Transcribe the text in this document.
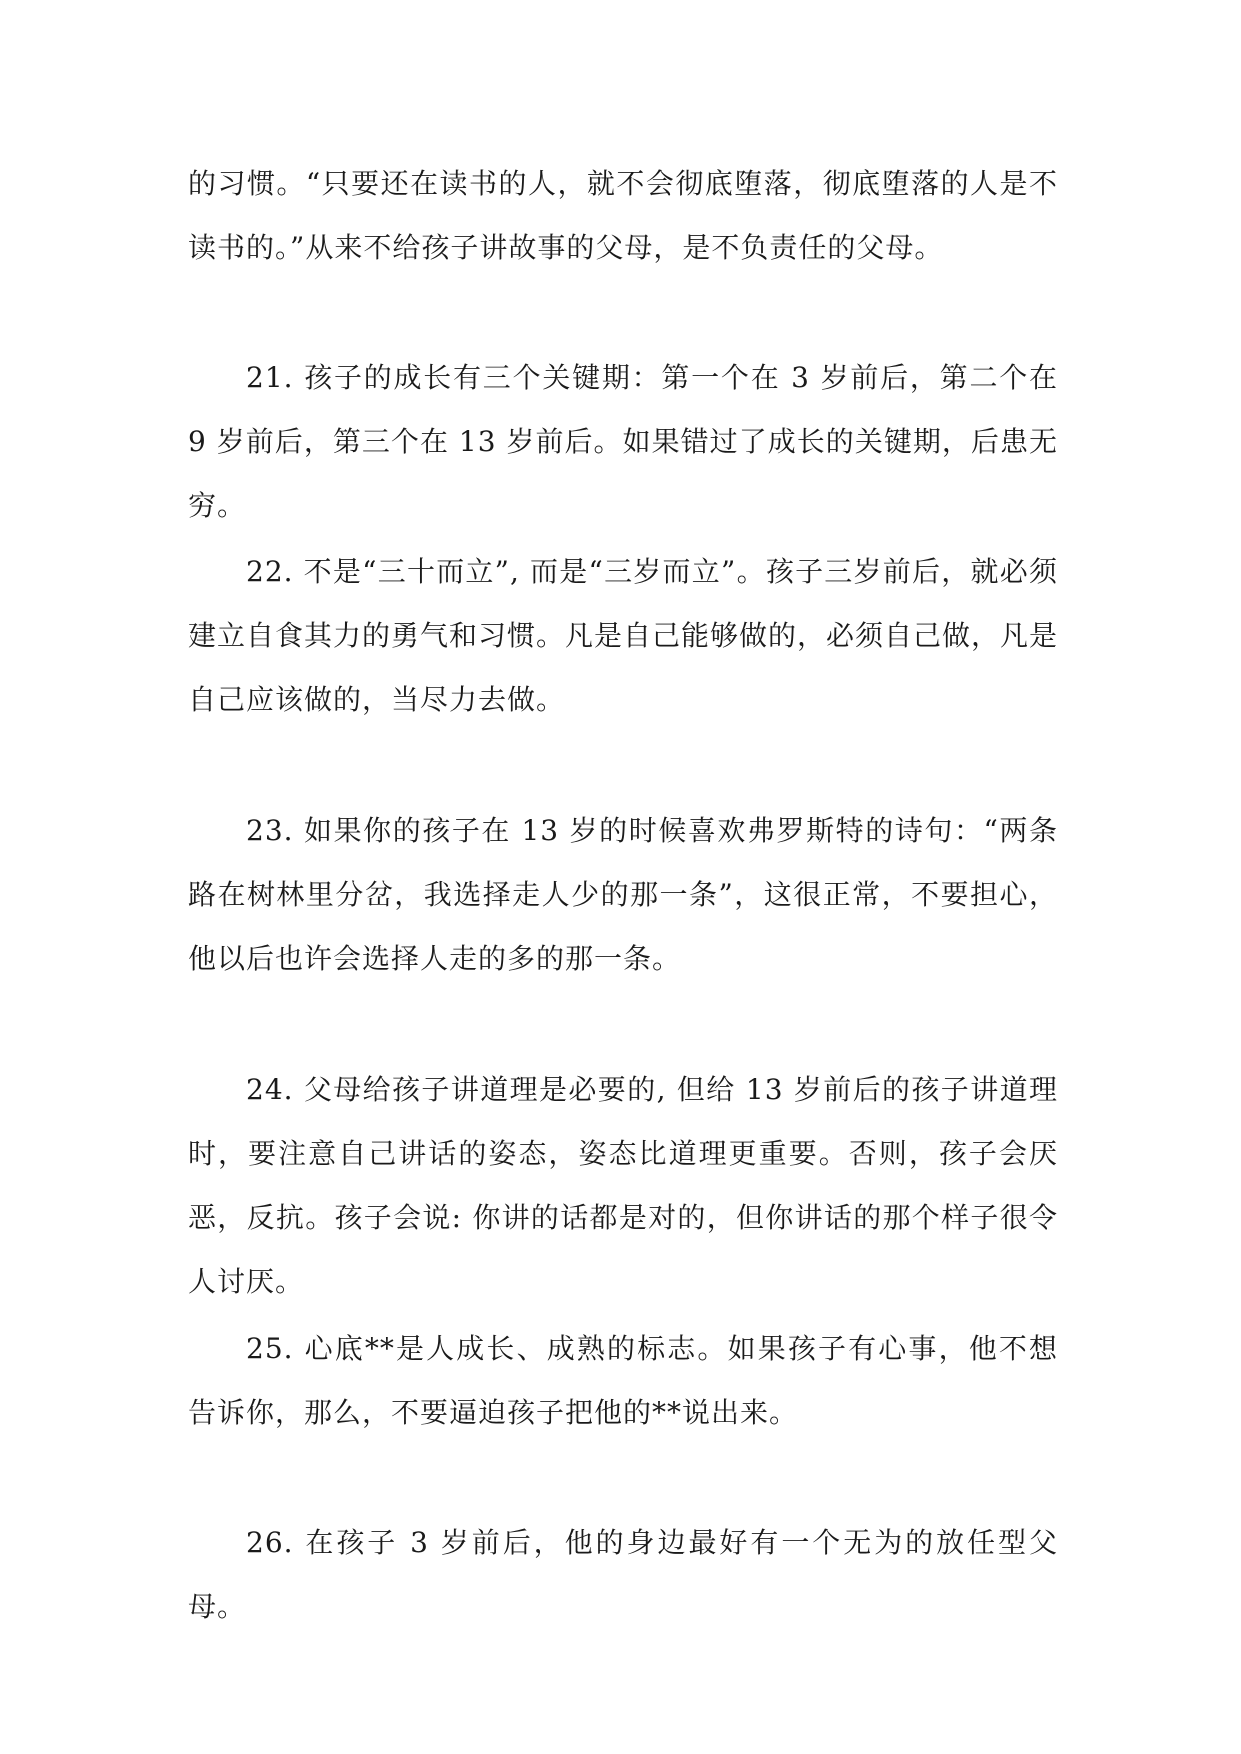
的习惯。“只要还在读书的人，就不会彻底堕落，彻底堕落的人是不读书的。”从来不给孩子讲故事的父母，是不负责任的父母。

21. 孩子的成长有三个关键期：第一个在 3 岁前后，第二个在 9 岁前后，第三个在 13 岁前后。如果错过了成长的关键期，后患无穷。

22. 不是“三十而立”, 而是“三岁而立”。孩子三岁前后，就必须建立自食其力的勇气和习惯。凡是自己能够做的，必须自己做，凡是自己应该做的，当尽力去做。

23. 如果你的孩子在 13 岁的时候喜欢弗罗斯特的诗句：“两条路在树林里分岔，我选择走人少的那一条”，这很正常，不要担心，他以后也许会选择人走的多的那一条。

24. 父母给孩子讲道理是必要的, 但给 13 岁前后的孩子讲道理时，要注意自己讲话的姿态，姿态比道理更重要。否则，孩子会厌恶，反抗。孩子会说: 你讲的话都是对的，但你讲话的那个样子很令人讨厌。

25. 心底**是人成长、成熟的标志。如果孩子有心事，他不想告诉你，那么，不要逼迫孩子把他的**说出来。

26. 在孩子 3 岁前后，他的身边最好有一个无为的放任型父母。
